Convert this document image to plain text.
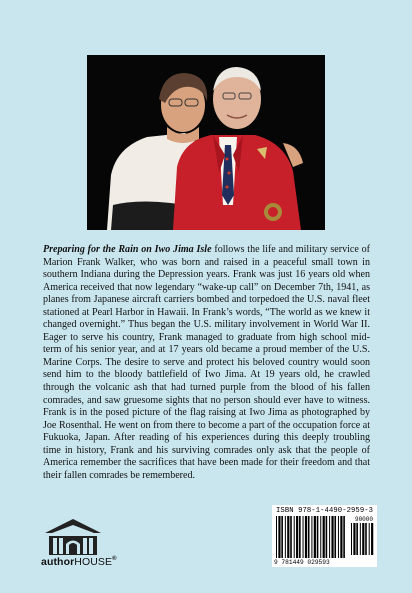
Preparing for the Rain on Iwo Jima Isle follows the life and military service of Marion Frank Walker, who was born and raised in a peaceful small town in southern Indiana during the Depression years. Frank was just 16 years old when America received that now legendary “wake-up call” on December 7th, 1941, as planes from Japanese aircraft carriers bombed and torpedoed the U.S. naval fleet stationed at Pearl Harbor in Hawaii. In Frank’s words, “The world as we knew it changed overnight.” Thus began the U.S. military involvement in World War II. Eager to serve his country, Frank managed to graduate from high school mid-term of his senior year, and at 17 years old became a proud member of the U.S. Marine Corps. The desire to serve and protect his beloved country would soon send him to the bloody battlefield of Iwo Jima. At 19 years old, he crawled through the volcanic ash that had turned purple from the blood of his fallen comrades, and saw gruesome sights that no person should ever have to witness. Frank is in the posed picture of the flag raising at Iwo Jima as photographed by Joe Rosenthal. He went on from there to become a part of the occupation force at Fukuoka, Japan. After reading of his experiences during this deeply troubling time in history, Frank and his surviving comrades only ask that the people of America remember the sacrifices that have been made for their freedom and that their fallen comrades be remembered.
authorHOUSE®
ISBN 978-1-4490-2959-3
90000
9 781449 029593
